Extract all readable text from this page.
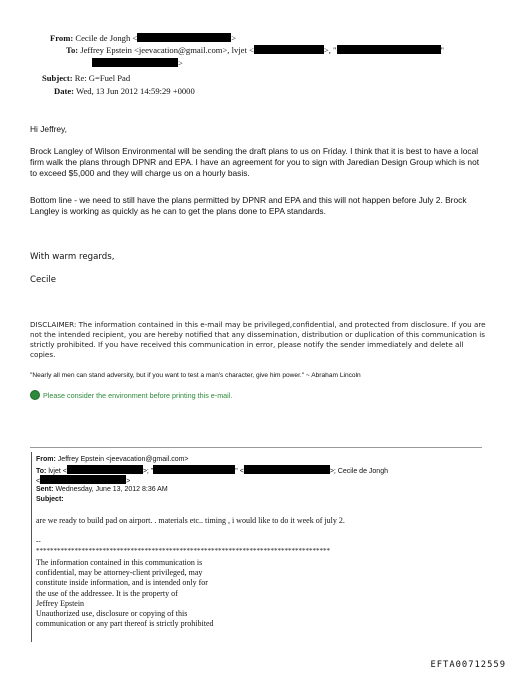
From: Cecile de Jongh <	>
To: Jeffrey Epstein <jeevacation@gmail.com>, lvjet <	>, "	"
>
Subject: Re: G=Fuel Pad
Date: Wed, 13 Jun 2012 14:59:29 +0000
Hi Jeffrey,
Brock Langley of Wilson Environmental will be sending the draft plans to us on Friday. I think that it is best to have a local firm walk the plans through DPNR and EPA. I have an agreement for you to sign with Jaredian Design Group which is not to exceed $5,000 and they will charge us on a hourly basis.
Bottom line - we need to still have the plans permitted by DPNR and EPA and this will not happen before July 2. Brock Langley is working as quickly as he can to get the plans done to EPA standards.
With warm regards,
Cecile
DISCLAIMER: The information contained in this e-mail may be privileged,confidential, and protected from disclosure. If you are not the intended recipient, you are hereby notified that any dissemination, distribution or duplication of this communication is strictly prohibited. If you have received this communication in error, please notify the sender immediately and delete all copies.
"Nearly all men can stand adversity, but if you want to test a man's character, give him power." ~ Abraham Lincoln
Please consider the environment before printing this e-mail.
From: Jeffrey Epstein <jeevacation@gmail.com>
To: lvjet <	>; "	" <	>; Cecile de Jongh
<	>
Sent: Wednesday, June 13, 2012 8:36 AM
Subject:
are we ready to build pad on airport. . materials etc.. timing , i would like to do it week of july 2.
--
************************************************************************************
The information contained in this communication is
confidential, may be attorney-client privileged, may
constitute inside information, and is intended only for
the use of the addressee. It is the property of
Jeffrey Epstein
Unauthorized use, disclosure or copying of this
communication or any part thereof is strictly prohibited
EFTA00712559
